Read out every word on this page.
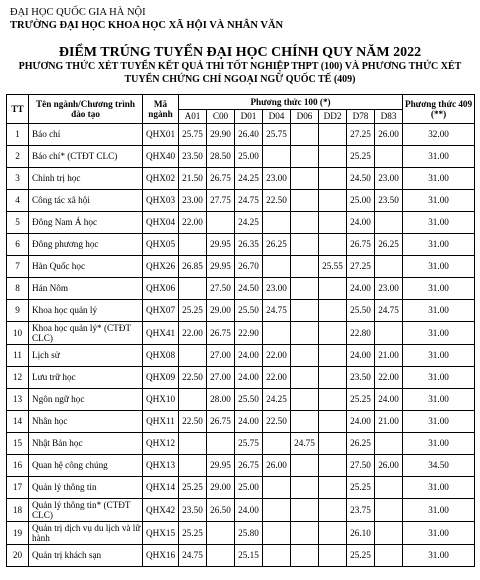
ĐẠI HỌC QUỐC GIA HÀ NỘI
TRƯỜNG ĐẠI HỌC KHOA HỌC XÃ HỘI VÀ NHÂN VĂN
ĐIỂM TRÚNG TUYỂN ĐẠI HỌC CHÍNH QUY NĂM 2022
PHƯƠNG THỨC XÉT TUYỂN KẾT QUẢ THI TỐT NGHIỆP THPT (100) VÀ PHƯƠNG THỨC XÉT TUYỂN CHỨNG CHỈ NGOẠI NGỮ QUỐC TẾ (409)
TT	Tên ngành/Chương trình đào tạo	Mã ngành	Phương thức 100 (*)								Phương thức 409 (**)
			A01	C00	D01	D04	D06	DD2	D78	D83	
1	Báo chí	QHX01	25.75	29.90	26.40	25.75			27.25	26.00	32.00
2	Báo chí* (CTĐT CLC)	QHX40	23.50	28.50	25.00				25.25		31.00
3	Chính trị học	QHX02	21.50	26.75	24.25	23.00			24.50	23.00	31.00
4	Công tác xã hội	QHX03	23.00	27.75	24.75	22.50			25.00	23.50	31.00
5	Đông Nam Á học	QHX04	22.00		24.25				24.00		31.00
6	Đông phương học	QHX05		29.95	26.35	26.25			26.75	26.25	31.00
7	Hàn Quốc học	QHX26	26.85	29.95	26.70			25.55	27.25		31.00
8	Hán Nôm	QHX06		27.50	24.50	23.00			24.00	23.00	31.00
9	Khoa học quản lý	QHX07	25.25	29.00	25.50	24.75			25.50	24.75	31.00
10	Khoa học quản lý* (CTĐT CLC)	QHX41	22.00	26.75	22.90				22.80		31.00
11	Lịch sử	QHX08		27.00	24.00	22.00			24.00	21.00	31.00
12	Lưu trữ học	QHX09	22.50	27.00	24.00	22.00			23.50	22.00	31.00
13	Ngôn ngữ học	QHX10		28.00	25.50	24.25			25.25	24.00	31.00
14	Nhân học	QHX11	22.50	26.75	24.00	22.50			24.00	21.00	31.00
15	Nhật Bản học	QHX12			25.75		24.75		26.25		31.00
16	Quan hệ công chúng	QHX13		29.95	26.75	26.00			27.50	26.00	34.50
17	Quản lý thông tin	QHX14	25.25	29.00	25.00				25.25		31.00
18	Quản lý thông tin* (CTĐT CLC)	QHX42	23.50	26.50	24.00				23.75		31.00
19	Quản trị dịch vụ du lịch và lữ hành	QHX15	25.25		25.80				26.10		31.00
20	Quản trị khách sạn	QHX16	24.75		25.15				25.25		31.00
